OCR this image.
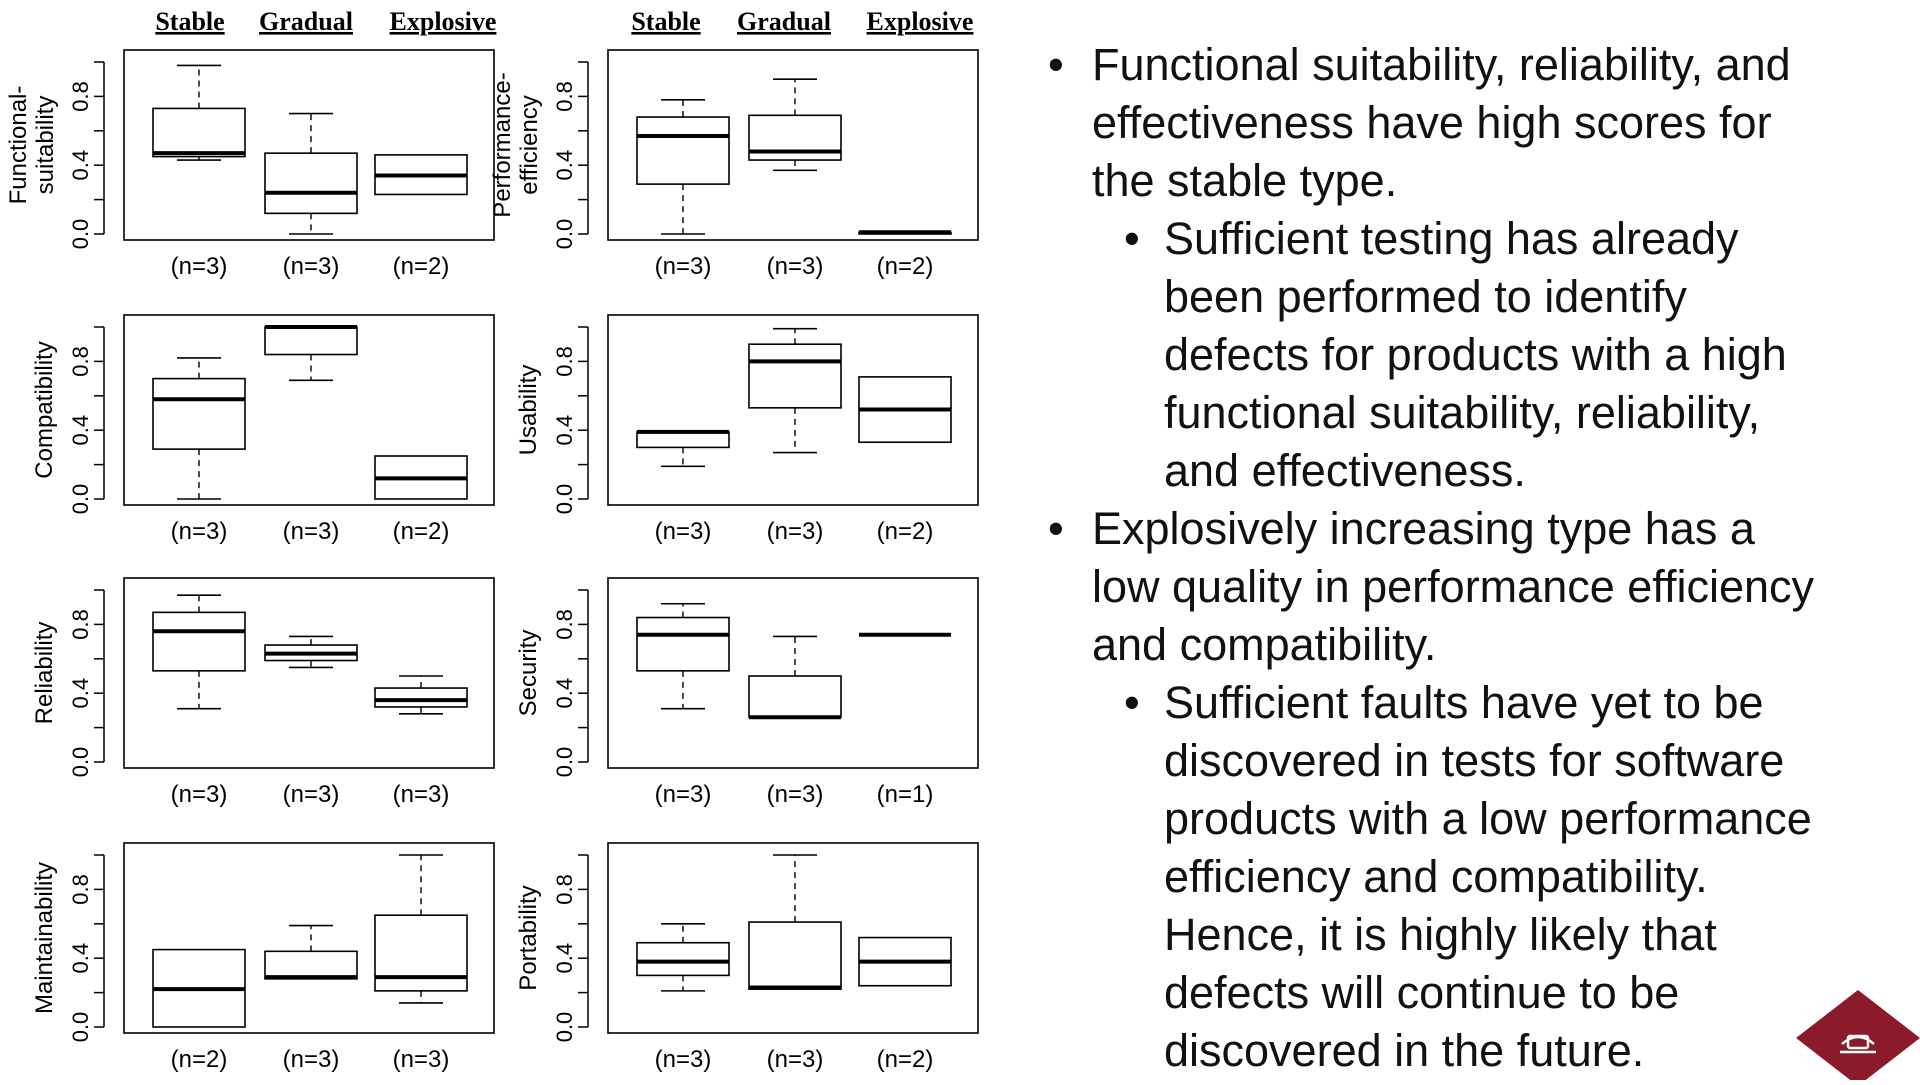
Stable Gradual Explosive	Stable Gradual Explosive
0.0
0.4
0.8
Functional- suitability
(n=3) (n=3) (n=2)
0.0
0.4
0.8
Performance- efficiency
(n=3) (n=3) (n=2)
0.0
0.4
0.8
Compatibility
(n=3) (n=3) (n=2)
0.0
0.4
0.8
Usability
(n=3) (n=3) (n=2)
0.0
0.4
0.8
Reliability
(n=3) (n=3) (n=3)
0.0
0.4
0.8
Security
(n=3) (n=3) (n=1)
0.0
0.4
0.8
Maintainability
(n=2) (n=3) (n=3)
0.0
0.4
0.8
Portability
(n=3) (n=3) (n=2)
• Functional suitability, reliability, and
effectiveness have high scores for
the stable type.
• Sufficient testing has already
been performed to identify
defects for products with a high
functional suitability, reliability,
and effectiveness.
• Explosively increasing type has a
low quality in performance efficiency
and compatibility.
• Sufficient faults have yet to be
discovered in tests for software
products with a low performance
efficiency and compatibility.
Hence, it is highly likely that
defects will continue to be
discovered in the future.
